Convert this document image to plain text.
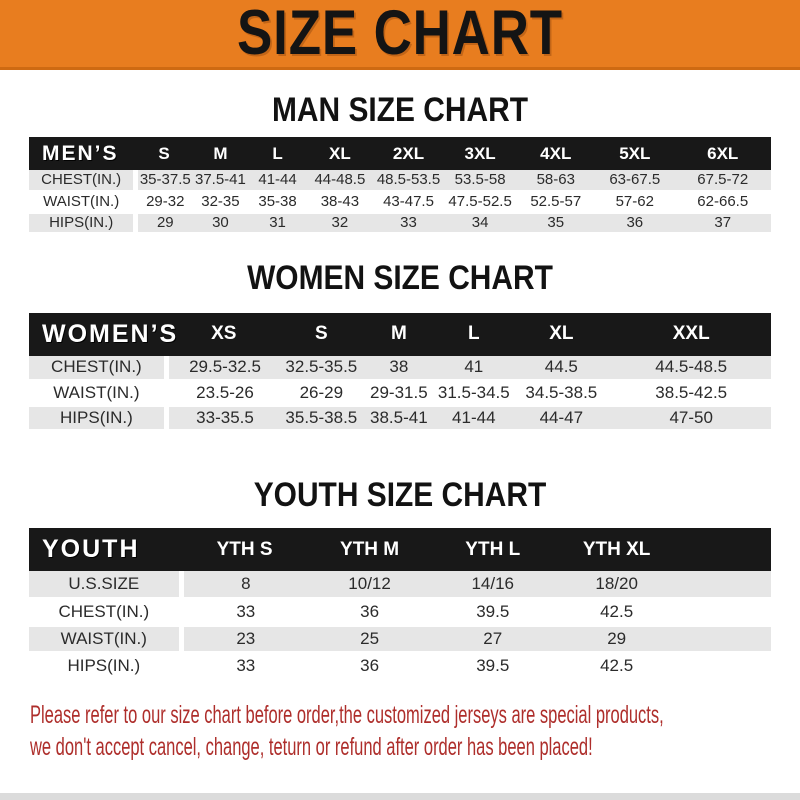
SIZE CHART
MAN SIZE CHART
MEN’S	S	M	L	XL	2XL	3XL	4XL	5XL	6XL
CHEST(IN.)	35-37.5	37.5-41	41-44	44-48.5	48.5-53.5	53.5-58	58-63	63-67.5	67.5-72
WAIST(IN.)	29-32	32-35	35-38	38-43	43-47.5	47.5-52.5	52.5-57	57-62	62-66.5
HIPS(IN.)	29	30	31	32	33	34	35	36	37
WOMEN SIZE CHART
WOMEN’S	XS	S	M	L	XL	XXL
CHEST(IN.)	29.5-32.5	32.5-35.5	38	41	44.5	44.5-48.5
WAIST(IN.)	23.5-26	26-29	29-31.5	31.5-34.5	34.5-38.5	38.5-42.5
HIPS(IN.)	33-35.5	35.5-38.5	38.5-41	41-44	44-47	47-50
YOUTH SIZE CHART
YOUTH	YTH S	YTH M	YTH L	YTH XL	
U.S.SIZE	8	10/12	14/16	18/20	
CHEST(IN.)	33	36	39.5	42.5	
WAIST(IN.)	23	25	27	29	
HIPS(IN.)	33	36	39.5	42.5	

Please refer to our size chart before order,the customized jerseys are special products,

we don't accept cancel, change, teturn or refund after order has been placed!
